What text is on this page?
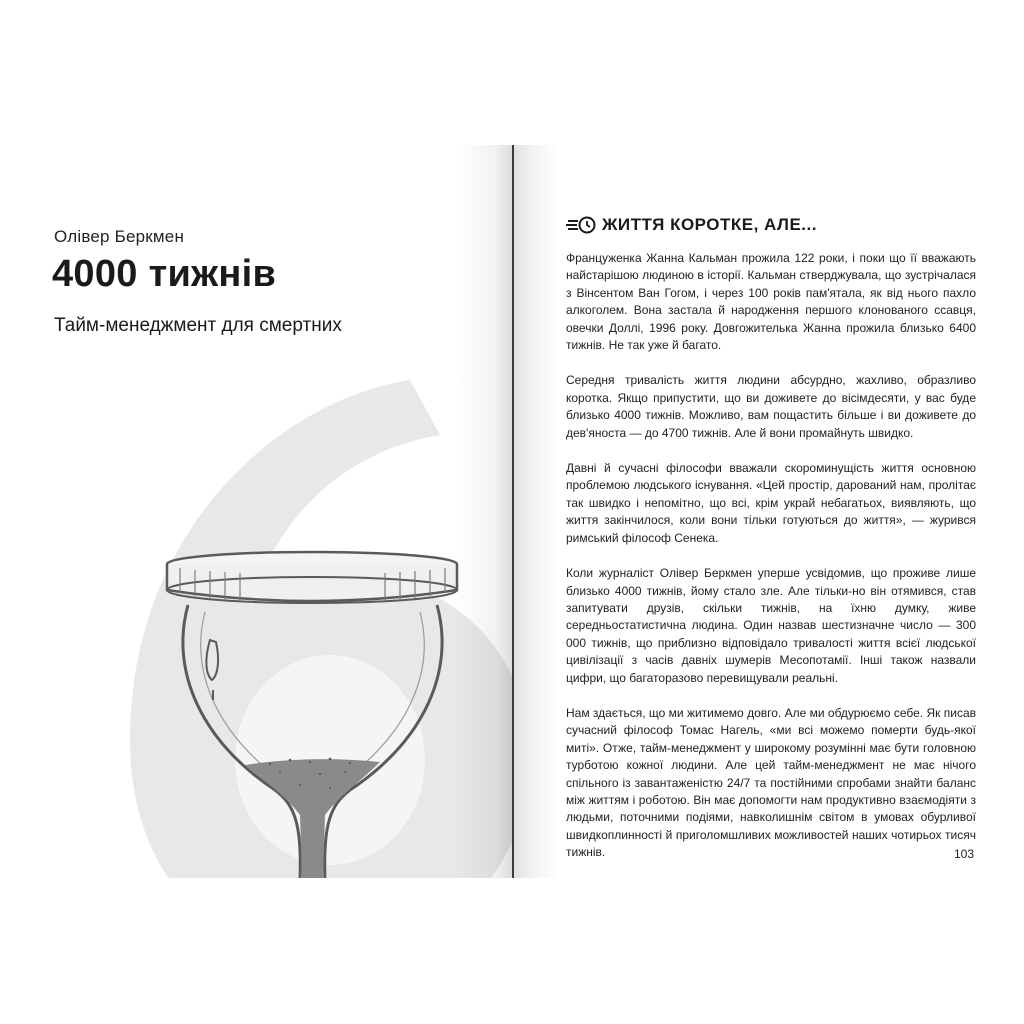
Олівер Беркмен
4000 тижнів
Тайм-менеджмент для смертних
ЖИТТЯ КОРОТКЕ, АЛЕ...

Француженка Жанна Кальман прожила 122 роки, і поки що її вважають найстарішою людиною в історії. Кальман стверджувала, що зустрічалася з Вінсентом Ван Гогом, і через 100 років пам'ятала, як від нього пахло алкоголем. Вона застала й народження першого клонованого ссавця, овечки Доллі, 1996 року. Довгожителька Жанна прожила близько 6400 тижнів. Не так уже й багато.

Середня тривалість життя людини абсурдно, жахливо, образливо коротка. Якщо припустити, що ви доживете до вісімдесяти, у вас буде близько 4000 тижнів. Можливо, вам пощастить більше і ви доживете до дев'яноста — до 4700 тижнів. Але й вони промайнуть швидко.

Давні й сучасні філософи вважали скороминущість життя основною проблемою людського існування. «Цей простір, дарований нам, пролітає так швидко і непомітно, що всі, крім украй небагатьох, виявляють, що життя закінчилося, коли вони тільки готуються до життя», — журився римський філософ Сенека.

Коли журналіст Олівер Беркмен уперше усвідомив, що проживе лише близько 4000 тижнів, йому стало зле. Але тільки-но він отямився, став запитувати друзів, скільки тижнів, на їхню думку, живе середньостатистична людина. Один назвав шестизначне число — 300 000 тижнів, що приблизно відповідало тривалості життя всієї людської цивілізації з часів давніх шумерів Месопотамії. Інші також назвали цифри, що багаторазово перевищували реальні.

Нам здається, що ми житимемо довго. Але ми обдурюємо себе. Як писав сучасний філософ Томас Нагель, «ми всі можемо померти будь-якої миті». Отже, тайм-менеджмент у широкому розумінні має бути головною турботою кожної людини. Але цей тайм-менеджмент не має нічого спільного із завантаженістю 24/7 та постійними спробами знайти баланс між життям і роботою. Він має допомогти нам продуктивно взаємодіяти з людьми, поточними подіями, навколишнім світом в умовах обурливої швидкоплинності й приголомшливих можливостей наших чотирьох тисяч тижнів.	103
